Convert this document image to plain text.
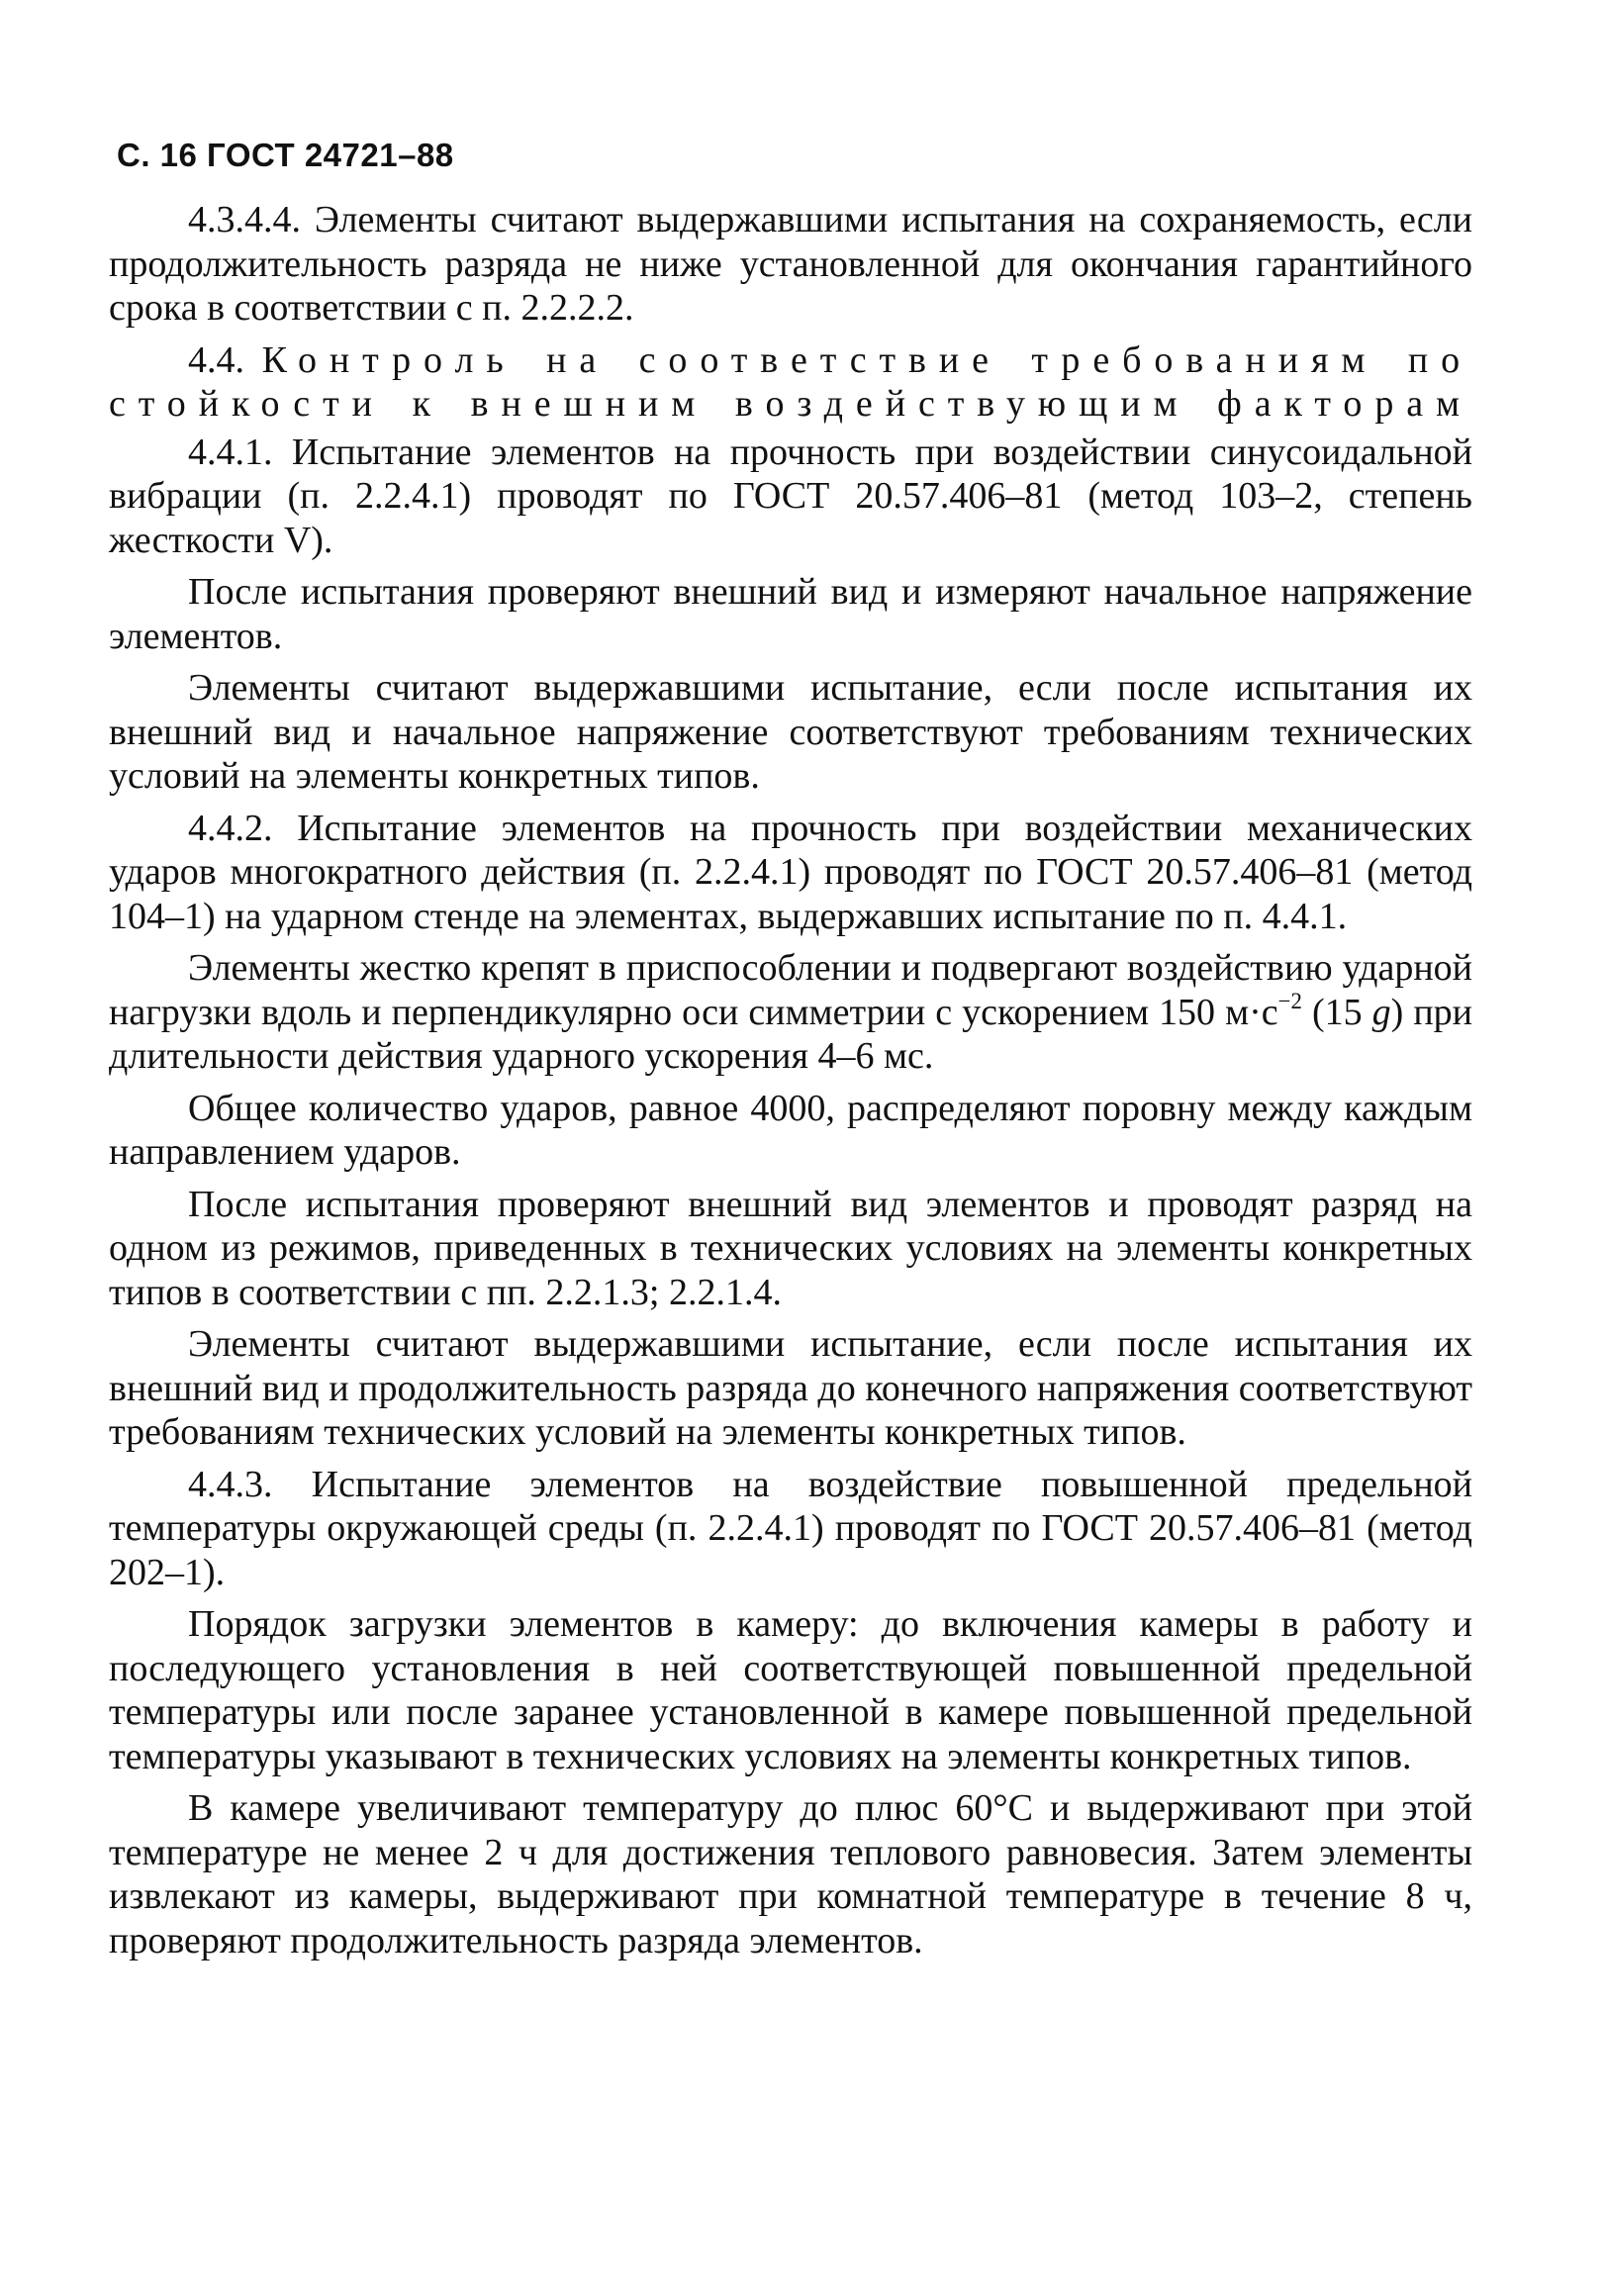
С. 16 ГОСТ 24721–88

4.3.4.4. Элементы считают выдержавшими испытания на сохраняемость, если продолжительность разряда не ниже установленной для окончания гарантийного срока в соответствии с п. 2.2.2.2.

4.4. Контроль на соответствие требованиям по стойкости к внешним воздействующим факторам

4.4.1. Испытание элементов на прочность при воздействии синусоидальной вибрации (п. 2.2.4.1) проводят по ГОСТ 20.57.406–81 (метод 103–2, степень жесткости V).

После испытания проверяют внешний вид и измеряют начальное напряжение элементов.

Элементы считают выдержавшими испытание, если после испытания их внешний вид и начальное напряжение соответствуют требованиям технических условий на элементы конкретных типов.

4.4.2. Испытание элементов на прочность при воздействии механических ударов многократного действия (п. 2.2.4.1) проводят по ГОСТ 20.57.406–81 (метод 104–1) на ударном стенде на элементах, выдержавших испытание по п. 4.4.1.

Элементы жестко крепят в приспособлении и подвергают воздействию ударной нагрузки вдоль и перпендикулярно оси симметрии с ускорением 150 $м\cdot с^{-2}$ (15 g) при длительности действия ударного ускорения 4–6 мс.

Общее количество ударов, равное 4000, распределяют поровну между каждым направлением ударов.

После испытания проверяют внешний вид элементов и проводят разряд на одном из режимов, приведенных в технических условиях на элементы конкретных типов в соответствии с пп. 2.2.1.3; 2.2.1.4.

Элементы считают выдержавшими испытание, если после испытания их внешний вид и продолжительность разряда до конечного напряжения соответствуют требованиям технических условий на элементы конкретных типов.

4.4.3. Испытание элементов на воздействие повышенной предельной температуры окружающей среды (п. 2.2.4.1) проводят по ГОСТ 20.57.406–81 (метод 202–1).

Порядок загрузки элементов в камеру: до включения камеры в работу и последующего установления в ней соответствующей повышенной предельной температуры или после заранее установленной в камере повышенной предельной температуры указывают в технических условиях на элементы конкретных типов.

В камере увеличивают температуру до плюс 60°С и выдерживают при этой температуре не менее 2 ч для достижения теплового равновесия. Затем элементы извлекают из камеры, выдерживают при комнатной температуре в течение 8 ч, проверяют продолжительность разряда элементов.
